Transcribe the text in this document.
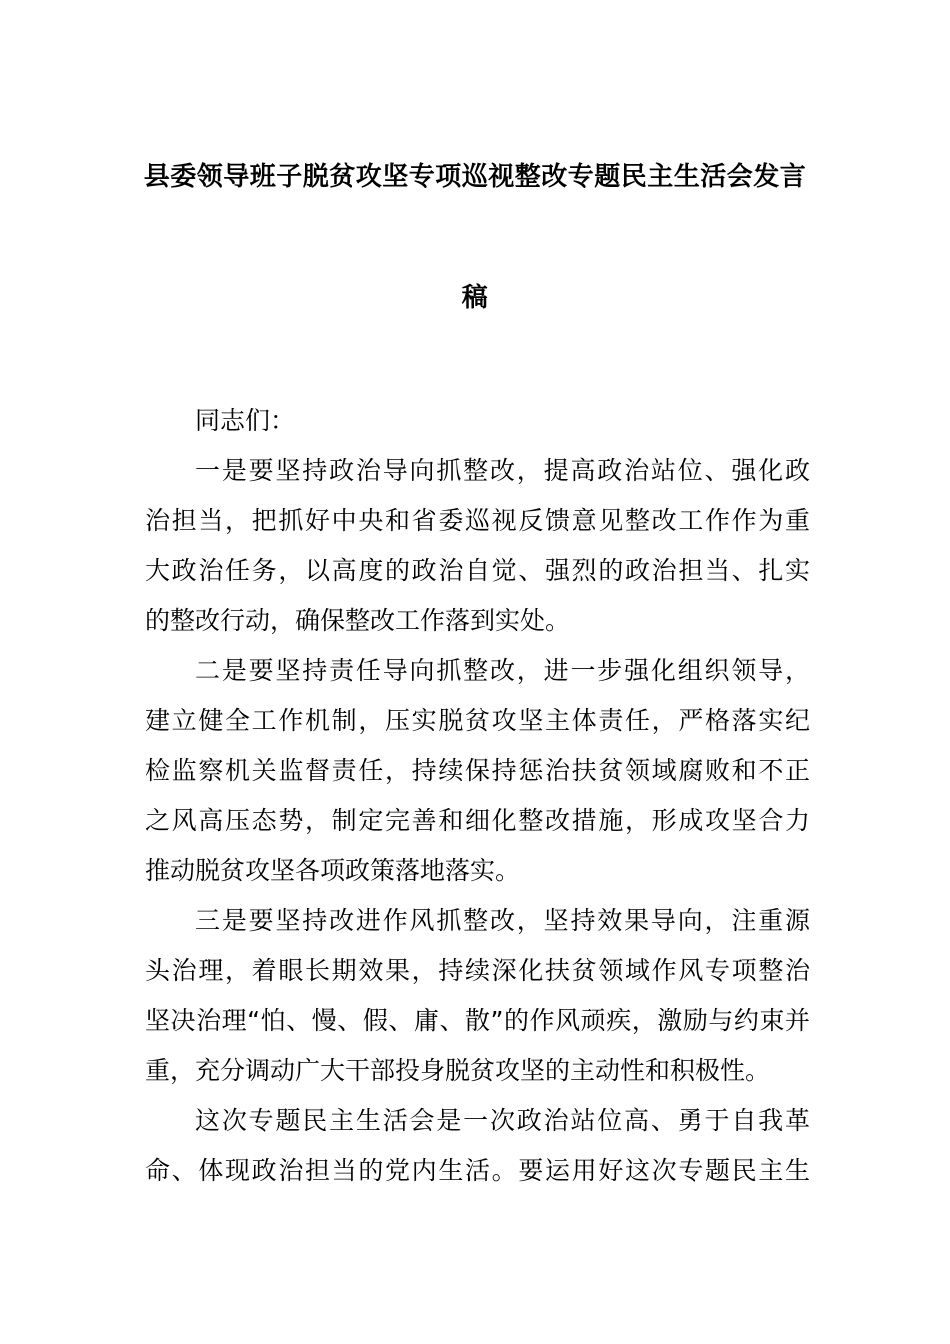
县委领导班子脱贫攻坚专项巡视整改专题民主生活会发言
稿
同志们：
一是要坚持政治导向抓整改，提高政治站位、强化政
治担当，把抓好中央和省委巡视反馈意见整改工作作为重
大政治任务，以高度的政治自觉、强烈的政治担当、扎实
的整改行动，确保整改工作落到实处。
二是要坚持责任导向抓整改，进一步强化组织领导，
建立健全工作机制，压实脱贫攻坚主体责任，严格落实纪
检监察机关监督责任，持续保持惩治扶贫领域腐败和不正
之风高压态势，制定完善和细化整改措施，形成攻坚合力
推动脱贫攻坚各项政策落地落实。
三是要坚持改进作风抓整改，坚持效果导向，注重源
头治理，着眼长期效果，持续深化扶贫领域作风专项整治
坚决治理“怕、慢、假、庸、散”的作风顽疾，激励与约束并
重，充分调动广大干部投身脱贫攻坚的主动性和积极性。
这次专题民主生活会是一次政治站位高、勇于自我革
命、体现政治担当的党内生活。要运用好这次专题民主生
